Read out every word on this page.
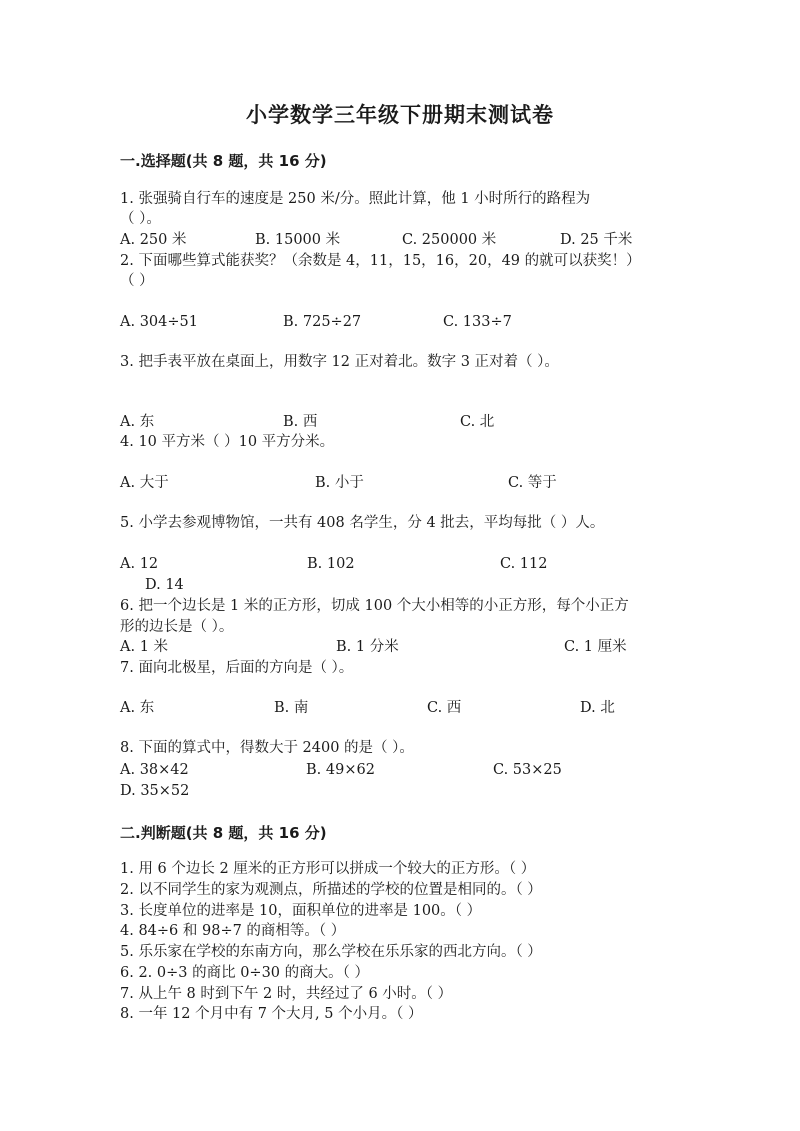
小学数学三年级下册期末测试卷
一.选择题(共 8 题，共 16 分)
1. 张强骑自行车的速度是 250 米/分。照此计算，他 1 小时所行的路程为
（ ）。
A. 250 米	B. 15000 米	C. 250000 米	D. 25 千米
2. 下面哪些算式能获奖？（余数是 4，11，15，16，20，49 的就可以获奖！）
（ ）
A. 304÷51	B. 725÷27	C. 133÷7
3. 把手表平放在桌面上，用数字 12 正对着北。数字 3 正对着（ ）。
A. 东	B. 西	C. 北
4. 10 平方米（ ）10 平方分米。
A. 大于	B. 小于	C. 等于
5. 小学去参观博物馆，一共有 408 名学生，分 4 批去，平均每批（ ）人。
A. 12	B. 102	C. 112
D. 14
6. 把一个边长是 1 米的正方形，切成 100 个大小相等的小正方形，每个小正方
形的边长是（ ）。
A. 1 米	B. 1 分米	C. 1 厘米
7. 面向北极星，后面的方向是（ ）。
A. 东	B. 南	C. 西	D. 北
8. 下面的算式中，得数大于 2400 的是（ ）。
A. 38×42	B. 49×62	C. 53×25
D. 35×52
二.判断题(共 8 题，共 16 分)
1. 用 6 个边长 2 厘米的正方形可以拼成一个较大的正方形。（ ）
2. 以不同学生的家为观测点，所描述的学校的位置是相同的。（ ）
3. 长度单位的进率是 10，面积单位的进率是 100。（ ）
4. 84÷6 和 98÷7 的商相等。（ ）
5. 乐乐家在学校的东南方向，那么学校在乐乐家的西北方向。（ ）
6. 2. 0÷3 的商比 0÷30 的商大。（ ）
7. 从上午 8 时到下午 2 时，共经过了 6 小时。（ ）
8. 一年 12 个月中有 7 个大月, 5 个小月。（ ）
